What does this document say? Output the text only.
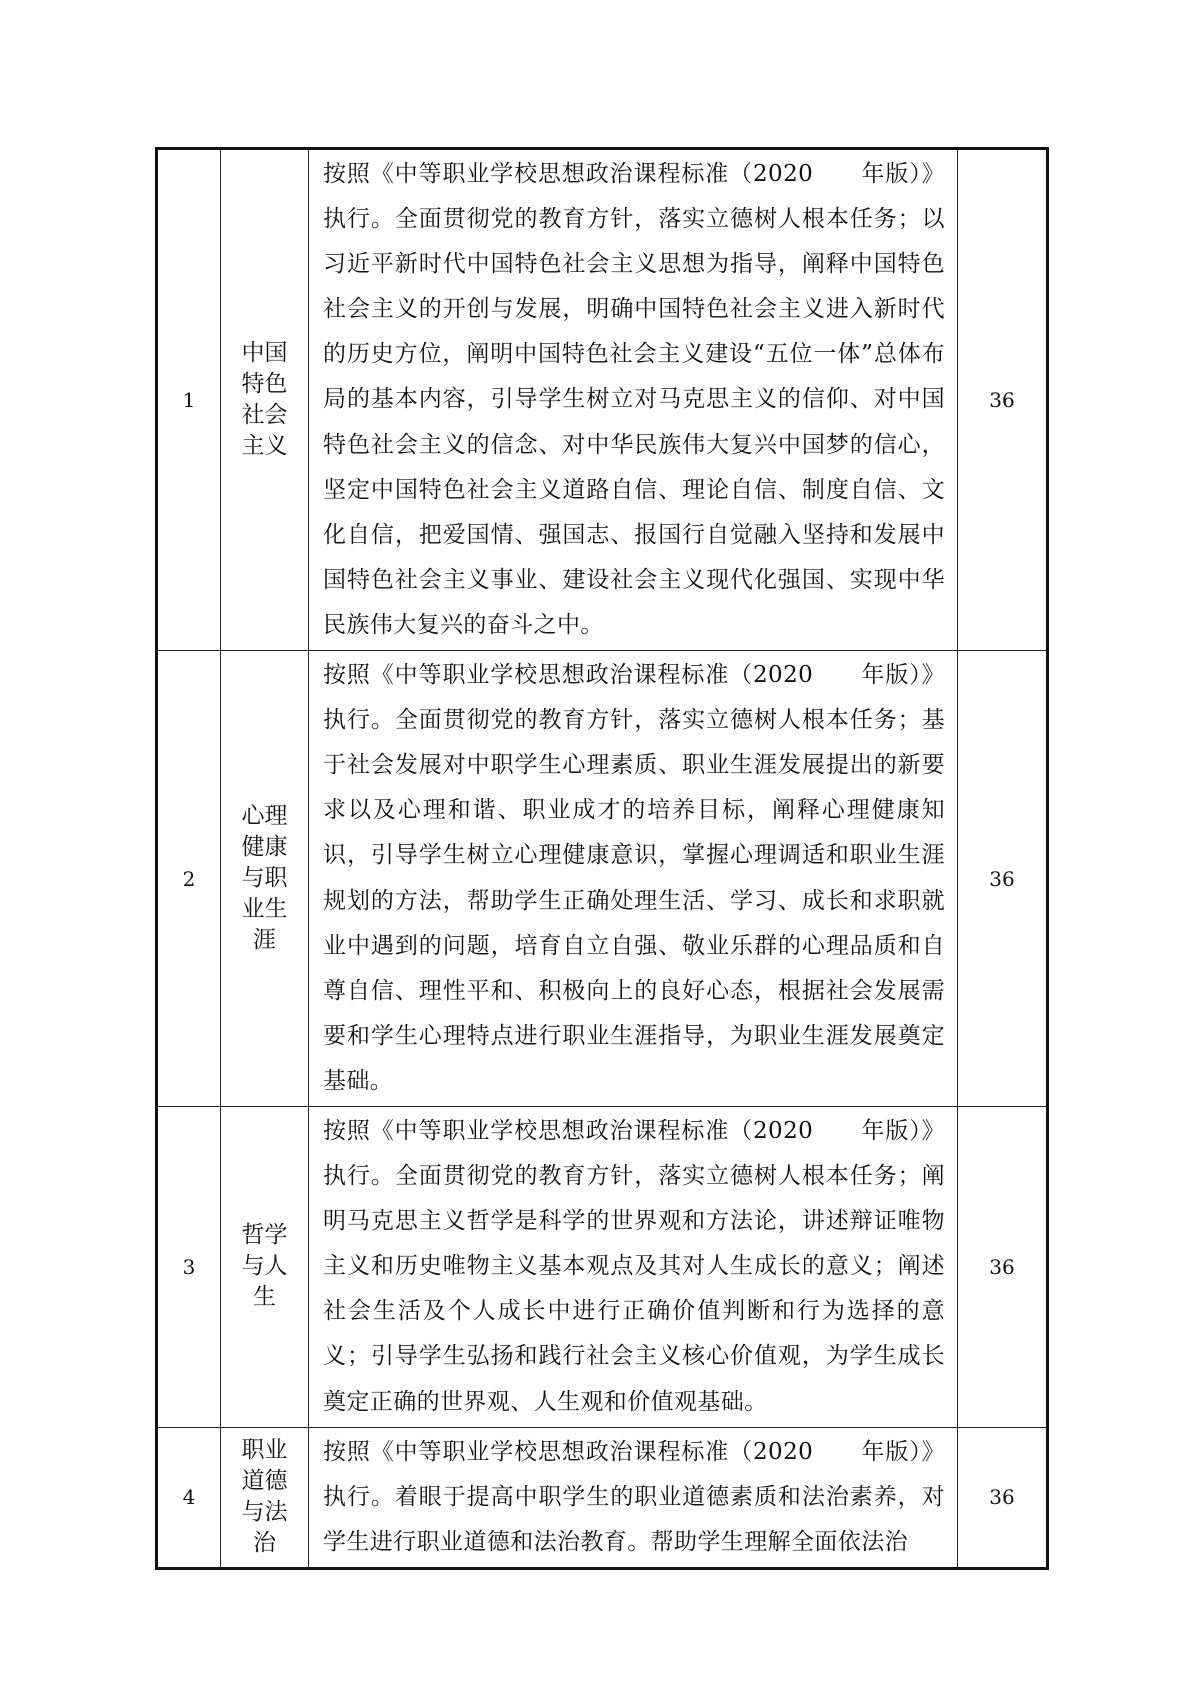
1	中国特色社会主义	按照《中等职业学校思想政治课程标准（2020　　年版）》执行。全面贯彻党的教育方针，落实立德树人根本任务；以习近平新时代中国特色社会主义思想为指导，阐释中国特色社会主义的开创与发展，明确中国特色社会主义进入新时代的历史方位，阐明中国特色社会主义建设“五位一体”总体布局的基本内容，引导学生树立对马克思主义的信仰、对中国特色社会主义的信念、对中华民族伟大复兴中国梦的信心，坚定中国特色社会主义道路自信、理论自信、制度自信、文化自信，把爱国情、强国志、报国行自觉融入坚持和发展中国特色社会主义事业、建设社会主义现代化强国、实现中华民族伟大复兴的奋斗之中。	36
2	心理健康与职业生涯	按照《中等职业学校思想政治课程标准（2020　　年版）》执行。全面贯彻党的教育方针，落实立德树人根本任务；基于社会发展对中职学生心理素质、职业生涯发展提出的新要求以及心理和谐、职业成才的培养目标，阐释心理健康知识，引导学生树立心理健康意识，掌握心理调适和职业生涯规划的方法，帮助学生正确处理生活、学习、成长和求职就业中遇到的问题，培育自立自强、敬业乐群的心理品质和自尊自信、理性平和、积极向上的良好心态，根据社会发展需要和学生心理特点进行职业生涯指导，为职业生涯发展奠定基础。	36
3	哲学与人生	按照《中等职业学校思想政治课程标准（2020　　年版）》执行。全面贯彻党的教育方针，落实立德树人根本任务；阐明马克思主义哲学是科学的世界观和方法论，讲述辩证唯物主义和历史唯物主义基本观点及其对人生成长的意义；阐述社会生活及个人成长中进行正确价值判断和行为选择的意义；引导学生弘扬和践行社会主义核心价值观，为学生成长奠定正确的世界观、人生观和价值观基础。	36
4	职业道德与法治	按照《中等职业学校思想政治课程标准（2020　　年版）》执行。着眼于提高中职学生的职业道德素质和法治素养，对学生进行职业道德和法治教育。帮助学生理解全面依法治	36
